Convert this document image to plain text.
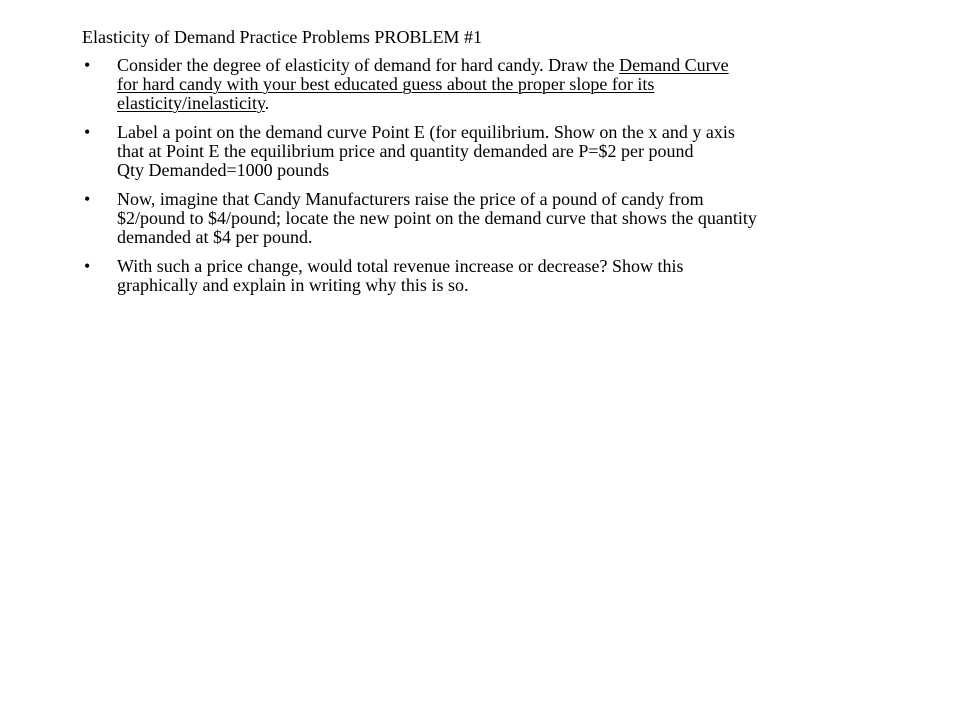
Elasticity of Demand Practice Problems PROBLEM #1
• Consider the degree of elasticity of demand for hard candy. Draw the Demand Curve
for hard candy with your best educated guess about the proper slope for its
elasticity/inelasticity.
• Label a point on the demand curve Point E (for equilibrium. Show on the x and y axis
that at Point E the equilibrium price and quantity demanded are P=$2 per pound
Qty Demanded=1000 pounds
• Now, imagine that Candy Manufacturers raise the price of a pound of candy from
$2/pound to $4/pound; locate the new point on the demand curve that shows the quantity
demanded at $4 per pound.
• With such a price change, would total revenue increase or decrease? Show this
graphically and explain in writing why this is so.
